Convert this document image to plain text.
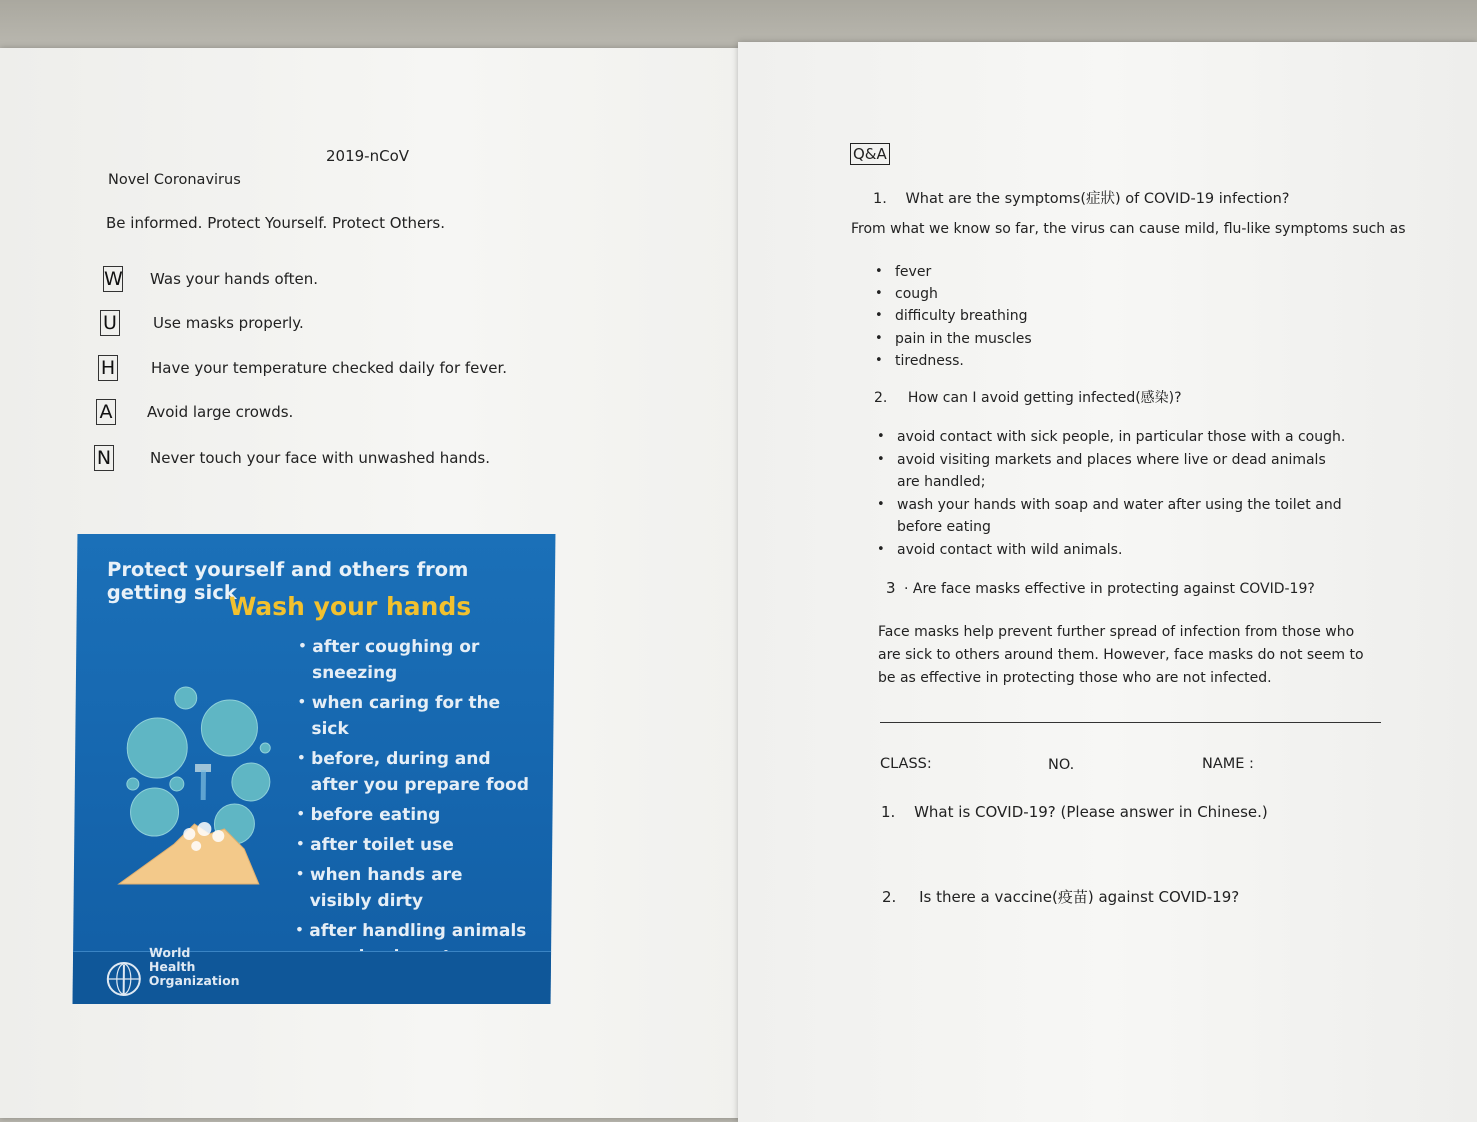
2019-nCoV
Novel Coronavirus
Be informed. Protect Yourself. Protect Others.
W Was your hands often.
U Use masks properly.
H Have your temperature checked daily for fever.
A Avoid large crowds.
N	Never touch your face with unwashed hands.
Protect yourself and others from getting sick
Wash your hands
• after coughing or sneezing
• when caring for the sick
• before, during and after you prepare food
• before eating
• after toilet use
• when hands are visibly dirty
• after handling animals
World Health Organization
Q&A
1. What are the symptoms(症狀) of COVID-19 infection?
From what we know so far, the virus can cause mild, flu-like symptoms such as
• fever
• cough
• difficulty breathing
• pain in the muscles
• tiredness.
2. How can I avoid getting infected(感染)?
• avoid contact with sick people, in particular those with a cough.
• avoid visiting markets and places where live or dead animals are handled;
• wash your hands with soap and water after using the toilet and before eating
• avoid contact with wild animals.
3 · Are face masks effective in protecting against COVID-19?
Face masks help prevent further spread of infection from those who are sick to others around them. However, face masks do not seem to be as effective in protecting those who are not infected.
CLASS:	NO.	NAME :
1. What is COVID-19? (Please answer in Chinese.)
2. Is there a vaccine(疫苗) against COVID-19?
